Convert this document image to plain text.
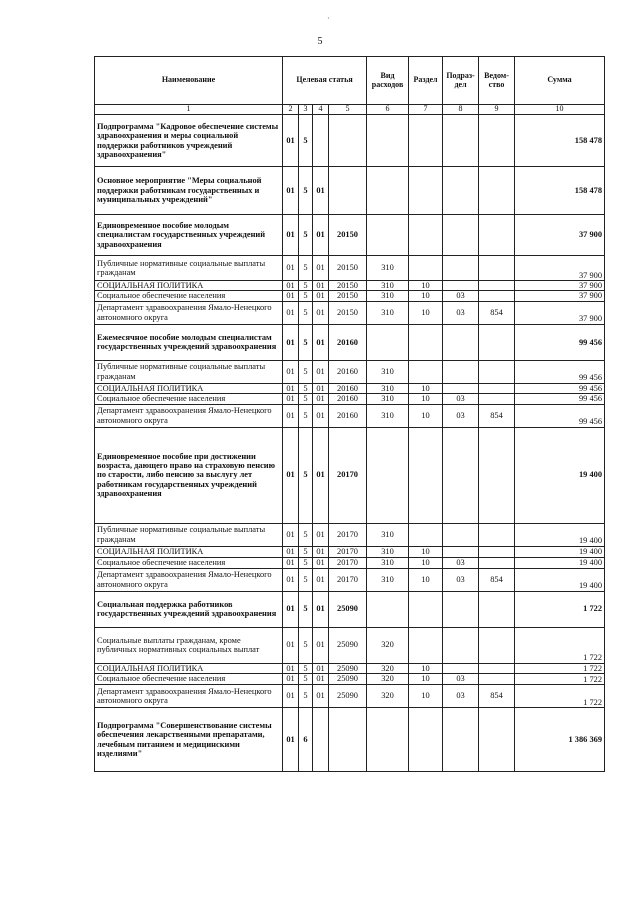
·
5
Наименование	Целевая статья				Вид расходов	Раздел	Подраз-дел	Ведом-ство	Сумма
1	2	3	4	5	6	7	8	9	10
Подпрограмма "Кадровое обеспечение системы здравоохранения и меры социальной поддержки работников учреждений здравоохранения"	01	5							158 478
Основное мероприятие "Меры социальной поддержки работникам государственных и муниципальных учреждений"	01	5	01						158 478
Единовременное пособие молодым специалистам государственных учреждений здравоохранения	01	5	01	20150					37 900
Публичные нормативные социальные выплаты гражданам	01	5	01	20150	310				37 900
СОЦИАЛЬНАЯ ПОЛИТИКА	01	5	01	20150	310	10			37 900
Социальное обеспечение населения	01	5	01	20150	310	10	03		37 900
Департамент здравоохранения Ямало-Ненецкого автономного округа	01	5	01	20150	310	10	03	854	37 900
Ежемесячное пособие молодым специалистам государственных учреждений здравоохранения	01	5	01	20160					99 456
Публичные нормативные социальные выплаты гражданам	01	5	01	20160	310				99 456
СОЦИАЛЬНАЯ ПОЛИТИКА	01	5	01	20160	310	10			99 456
Социальное обеспечение населения	01	5	01	20160	310	10	03		99 456
Департамент здравоохранения Ямало-Ненецкого автономного округа	01	5	01	20160	310	10	03	854	99 456
Единовременное пособие при достижении возраста, дающего право на страховую пенсию по старости, либо пенсию за выслугу лет работникам государственных учреждений здравоохранения	01	5	01	20170					19 400
Публичные нормативные социальные выплаты гражданам	01	5	01	20170	310				19 400
СОЦИАЛЬНАЯ ПОЛИТИКА	01	5	01	20170	310	10			19 400
Социальное обеспечение населения	01	5	01	20170	310	10	03		19 400
Департамент здравоохранения Ямало-Ненецкого автономного округа	01	5	01	20170	310	10	03	854	19 400
Социальная поддержка работников государственных учреждений здравоохранения	01	5	01	25090					1 722
Социальные выплаты гражданам, кроме публичных нормативных социальных выплат	01	5	01	25090	320				1 722
СОЦИАЛЬНАЯ ПОЛИТИКА	01	5	01	25090	320	10			1 722
Социальное обеспечение населения	01	5	01	25090	320	10	03		1 722
Департамент здравоохранения Ямало-Ненецкого автономного округа	01	5	01	25090	320	10	03	854	1 722
Подпрограмма "Совершенствование системы обеспечения лекарственными препаратами, лечебным питанием и медицинскими изделиями"	01	6							1 386 369
